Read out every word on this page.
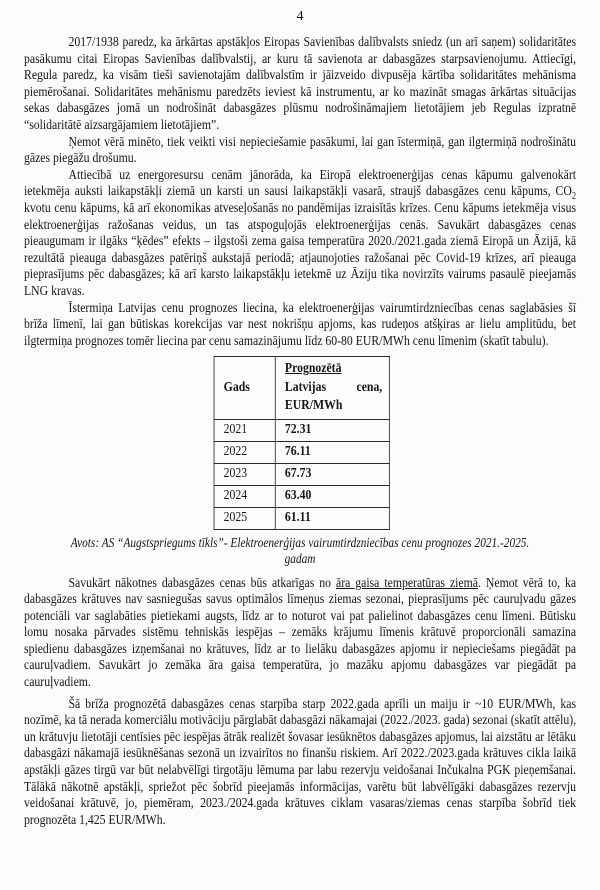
4

2017/1938 paredz, ka ārkārtas apstākļos Eiropas Savienības dalībvalsts sniedz (un arī saņem) solidaritātes pasākumu citai Eiropas Savienības dalībvalstij, ar kuru tā savienota ar dabasgāzes starpsavienojumu. Attiecīgi, Regula paredz, ka visām tieši savienotajām dalībvalstīm ir jāizveido divpusēja kārtība solidaritātes mehānisma piemērošanai. Solidaritātes mehānismu paredzēts ieviest kā instrumentu, ar ko mazināt smagas ārkārtas situācijas sekas dabasgāzes jomā un nodrošināt dabasgāzes plūsmu nodrošināmajiem lietotājiem jeb Regulas izpratnē “solidaritātē aizsargājamiem lietotājiem”.

Ņemot vērā minēto, tiek veikti visi nepieciešamie pasākumi, lai gan īstermiņā, gan ilgtermiņā nodrošinātu gāzes piegāžu drošumu.

Attiecībā uz energoresursu cenām jānorāda, ka Eiropā elektroenerģijas cenas kāpumu galvenokārt ietekmēja auksti laikapstākļi ziemā un karsti un sausi laikapstākļi vasarā, straujš dabasgāzes cenu kāpums, $CO_2$ kvotu cenu kāpums, kā arī ekonomikas atveseļošanās no pandēmijas izraisītās krīzes. Cenu kāpums ietekmēja visus elektroenerģijas ražošanas veidus, un tas atspoguļojās elektroenerģijas cenās. Savukārt dabasgāzes cenas pieaugumam ir ilgāks “ķēdes” efekts – ilgstoši zema gaisa temperatūra 2020./2021.gada ziemā Eiropā un Āzijā, kā rezultātā pieauga dabasgāzes patēriņš aukstajā periodā; atjaunojoties ražošanai pēc Covid-19 krīzes, arī pieauga pieprasījums pēc dabasgāzes; kā arī karsto laikapstākļu ietekmē uz Āziju tika novirzīts vairums pasaulē pieejamās LNG kravas.

Īstermiņa Latvijas cenu prognozes liecina, ka elektroenerģijas vairumtirdzniecības cenas saglabāsies šī brīža līmenī, lai gan būtiskas korekcijas var nest nokrišņu apjoms, kas rudeņos atšķiras ar lielu amplitūdu, bet ilgtermiņa prognozes tomēr liecina par cenu samazinājumu līdz 60-80 EUR/MWh cenu līmenim (skatīt tabulu).

Gads	Prognozētā
Latvijas cena,
EUR/MWh

2021	72.31
2022	76.11
2023	67.73
2024	63.40
2025	61.11
Avots: AS “Augstspriegums tīkls”- Elektroenerģijas vairumtirdzniecības cenu prognozes 2021.-2025. gadam

Savukārt nākotnes dabasgāzes cenas būs atkarīgas no āra gaisa temperatūras ziemā. Ņemot vērā to, ka dabasgāzes krātuves nav sasniegušas savus optimālos līmeņus ziemas sezonai, pieprasījums pēc cauruļvadu gāzes potenciāli var saglabāties pietiekami augsts, līdz ar to noturot vai pat palielinot dabasgāzes cenu līmeni. Būtisku lomu nosaka pārvades sistēmu tehniskās iespējas – zemāks krājumu līmenis krātuvē proporcionāli samazina spiedienu dabasgāzes izņemšanai no krātuves, līdz ar to lielāku dabasgāzes apjomu ir nepieciešams piegādāt pa cauruļvadiem. Savukārt jo zemāka āra gaisa temperatūra, jo mazāku apjomu dabasgāzes var piegādāt pa cauruļvadiem.

Šā brīža prognozētā dabasgāzes cenas starpība starp 2022.gada aprīli un maiju ir ~10 EUR/MWh, kas nozīmē, ka tā nerada komerciālu motivāciju pārglabāt dabasgāzi nākamajai (2022./2023. gada) sezonai (skatīt attēlu), un krātuvju lietotāji centīsies pēc iespējas ātrāk realizēt šovasar iesūknētos dabasgāzes apjomus, lai aizstātu ar lētāku dabasgāzi nākamajā iesūknēšanas sezonā un izvairītos no finanšu riskiem. Arī 2022./2023.gada krātuves cikla laikā apstākļi gāzes tirgū var būt nelabvēlīgi tirgotāju lēmuma par labu rezervju veidošanai Inčukalna PGK pieņemšanai. Tālākā nākotnē apstākļi, spriežot pēc šobrīd pieejamās informācijas, varētu būt labvēlīgāki dabasgāzes rezervju veidošanai krātuvē, jo, piemēram, 2023./2024.gada krātuves ciklam vasaras/ziemas cenas starpība šobrīd tiek prognozēta 1,425 EUR/MWh.
